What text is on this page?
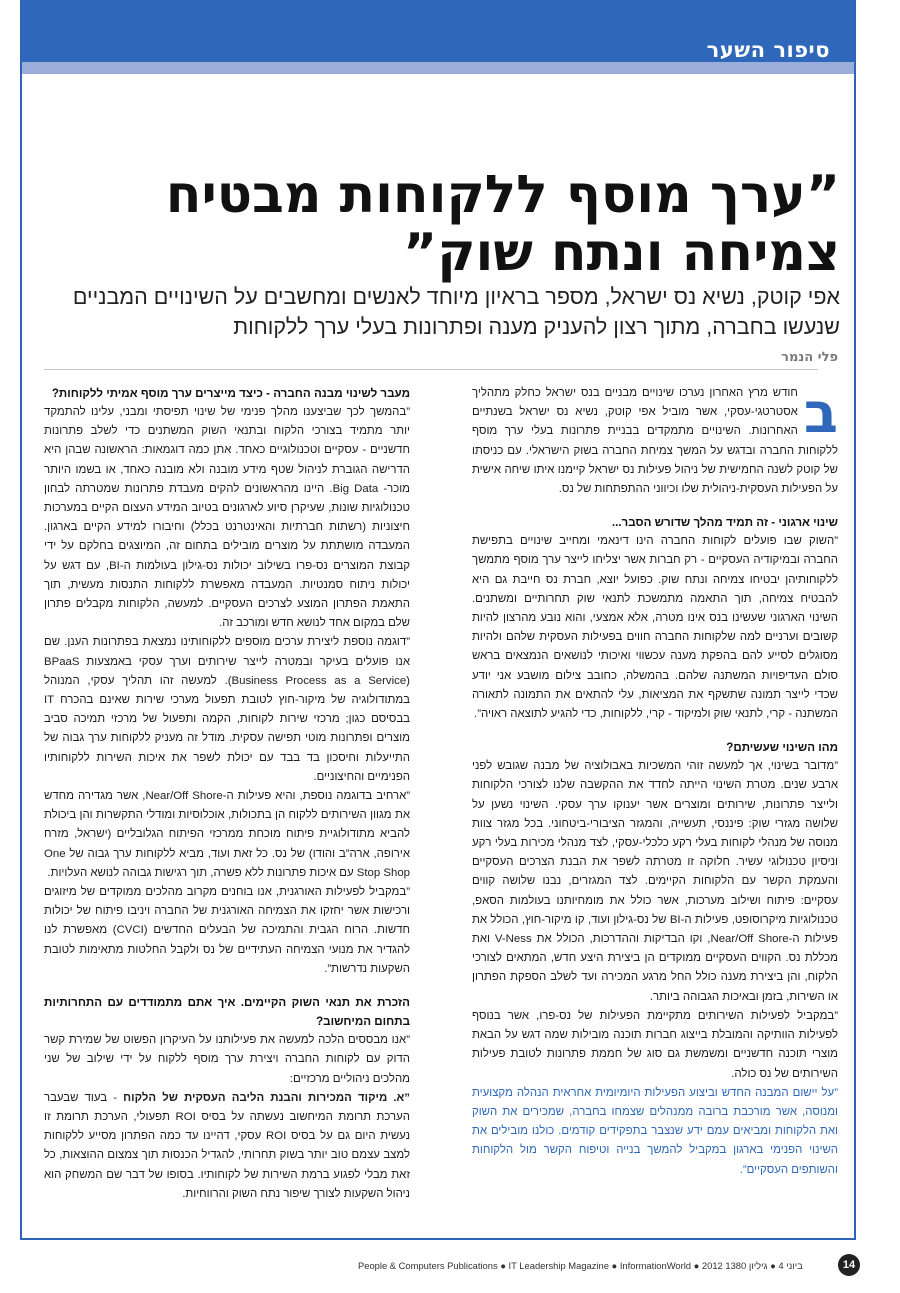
סיפור השער
”ערך מוסף ללקוחות מבטיח צמיחה ונתח שוק”

אפי קוטק, נשיא נס ישראל, מספר בראיון מיוחד לאנשים ומחשבים על השינויים המבניים שנעשו בחברה, מתוך רצון להעניק מענה ופתרונות בעלי ערך ללקוחות

פלי הנמר

ב
חודש מרץ האחרון נערכו שינויים מבניים בנס ישראל כחלק מתהליך אסטרטגי-עסקי, אשר מוביל אפי קוטק, נשיא נס ישראל בשנתיים האחרונות. השינויים מתמקדים בבניית פתרונות בעלי ערך מוסף ללקוחות החברה ובדגש על המשך צמיחת החברה בשוק הישראלי. עם כניסתו של קוטק לשנה החמישית של ניהול פעילות נס ישראל קיימנו איתו שיחה אישית על הפעילות העסקית-ניהולית שלו וכיווני ההתפתחות של נס.

שינוי ארגוני - זה תמיד מהלך שדורש הסבר...

”השוק שבו פועלים לקוחות החברה הינו דינאמי ומחייב שינויים בתפישת החברה ובמיקודיה העסקיים - רק חברות אשר יצליחו לייצר ערך מוסף מתמשך ללקוחותיהן יבטיחו צמיחה ונתח שוק. כפועל יוצא, חברת נס חייבת גם היא להבטיח צמיחה, תוך התאמה מתמשכת לתנאי שוק תחרותיים ומשתנים. השינוי הארגוני שעשינו בנס אינו מטרה, אלא אמצעי, והוא נובע מהרצון להיות קשובים וערניים למה שלקוחות החברה חווים בפעילות העסקית שלהם ולהיות מסוגלים לסייע להם בהפקת מענה עכשווי ואיכותי לנושאים הנמצאים בראש סולם העדיפויות המשתנה שלהם. בהמשלה, כחובב צילום מושבע אני יודע שכדי לייצר תמונה שתשקף את המציאות, עלי להתאים את התמונה לתאורה המשתנה - קרי, לתנאי שוק ולמיקוד - קרי, ללקוחות, כדי להגיע לתוצאה ראויה”.

מהו השינוי שעשיתם?

”מדובר בשינוי, אך למעשה זוהי המשכיות באבולוציה של מבנה שגובש לפני ארבע שנים. מטרת השינוי הייתה לחדד את ההקשבה שלנו לצורכי הלקוחות ולייצר פתרונות, שירותים ומוצרים אשר יענוקו ערך עסקי. השינוי נשען על שלושה מגזרי שוק: פיננסי, תעשייה, והמגזר הציבורי-ביטחוני. בכל מגזר צוות מנוסה של מנהלי לקוחות בעלי רקע כלכלי-עסקי, לצד מנהלי מכירות בעלי רקע וניסיון טכנולוגי עשיר. חלוקה זו מטרתה לשפר את הבנת הצרכים העסקיים והעמקת הקשר עם הלקוחות הקיימים. לצד המגזרים, נבנו שלושה קווים עסקיים: פיתוח ושילוב מערכות, אשר כולל את מומחיותנו בעולמות הסאפ, טכנולוגיות מיקרוסופט, פעילות ה-BI של נס-גילון ועוד, קו מיקור-חוץ, הכולל את פעילות ה-Near/Off Shore, וקו הבדיקות וההדרכות, הכולל את V-Ness ואת מכללת נס. הקווים העסקיים ממוקדים הן ביצירת היצע חדש, המתאים לצורכי הלקוח, והן ביצירת מענה כולל החל מרגע המכירה ועד לשלב הספקת הפתרון או השירות, בזמן ובאיכות הגבוהה ביותר.

”במקביל לפעילות השירותים מתקיימת הפעילות של נס-פרו, אשר בנוסף לפעילות הוותיקה והמובלת בייצוג חברות תוכנה מובילות שמה דגש על הבאת מוצרי תוכנה חדשניים ומשמשת גם סוג של חממת פתרונות לטובת פעילות השירותים של נס כולה.

”על יישום המבנה החדש וביצוע הפעילות היומיומית אחראית הנהלה מקצועית ומנוסה, אשר מורכבת ברובה ממנהלים שצמחו בחברה, שמכירים את השוק ואת הלקוחות ומביאים עמם ידע שנצבר בתפקידים קודמים. כולנו מובילים את השינוי הפנימי בארגון במקביל להמשך בנייה וטיפוח הקשר מול הלקוחות והשותפים העסקיים”.

מעבר לשינוי מבנה החברה - כיצד מייצרים ערך מוסף אמיתי ללקוחות?

”בהמשך לכך שביצענו מהלך פנימי של שינוי תפיסתי ומבני, עלינו להתמקד יותר מתמיד בצורכי הלקוח ובתנאי השוק המשתנים כדי לשלב פתרונות חדשניים - עסקיים וטכנולוגיים כאחד. אתן כמה דוגמאות: הראשונה שבהן היא הדרישה הגוברת לניהול שטף מידע מובנה ולא מובנה כאחד, או בשמו היותר מוכר- Big Data. היינו מהראשונים להקים מעבדת פתרונות שמטרתה לבחון טכנולוגיות שונות, שעיקרן סיוע לארגונים בטיוב המידע העצום הקיים במערכות חיצוניות (רשתות חברתיות והאינטרנט בכלל) וחיבורו למידע הקיים בארגון. המעבדה מושתתת על מוצרים מובילים בתחום זה, המיוצגים בחלקם על ידי קבוצת המוצרים נס-פרו בשילוב יכולות נס-גילון בעולמות ה-BI, עם דגש על יכולות ניתוח סמנטיות. המעבדה מאפשרת ללקוחות התנסות מעשית, תוך התאמת הפתרון המוצע לצרכים העסקיים. למעשה, הלקוחות מקבלים פתרון שלם במקום אחד לנושא חדש ומורכב זה.

”דוגמה נוספת ליצירת ערכים מוספים ללקוחותינו נמצאת בפתרונות הענן. שם אנו פועלים בעיקר ובמטרה לייצר שירותים וערך עסקי באמצעות BPaaS (Business Process as a Service). למעשה זהו תהליך עסקי, המנוהל במתודולוגיה של מיקור-חוץ לטובת תפעול מערכי שירות שאינם בהכרח IT בבסיסם כגון; מרכזי שירות לקוחות, הקמה ותפעול של מרכזי תמיכה סביב מוצרים ופתרונות מוטי תפישה עסקית. מודל זה מעניק ללקוחות ערך גבוה של התייעלות וחיסכון בד בבד עם יכולת לשפר את איכות השירות ללקוחותיו הפנימיים והחיצוניים.

”ארחיב בדוגמה נוספת, והיא פעילות ה-Near/Off Shore, אשר מגדירה מחדש את מגוון השירותים ללקוח הן בתכולות, אוכלוסיות ומודלי התקשרות והן ביכולת להביא מתודולוגיית פיתוח מוכחת ממרכזי הפיתוח הגלובליים (ישראל, מזרח אירופה, ארה”ב והודו) של נס. כל זאת ועוד, מביא ללקוחות ערך גבוה של One Stop Shop עם איכות פתרונות ללא פשרה, תוך רגישות גבוהה לנושא העלויות.

”במקביל לפעילות האורגנית, אנו בוחנים מקרוב מהלכים ממוקדים של מיזוגים ורכישות אשר יחזקו את הצמיחה האורגנית של החברה ויניבו פיתוח של יכולות חדשות. הרוח הגבית והתמיכה של הבעלים החדשים (CVCI) מאפשרת לנו להגדיר את מנועי הצמיחה העתידיים של נס ולקבל החלטות מתאימות לטובת השקעות נדרשות”.

הזכרת את תנאי השוק הקיימים. איך אתם מתמודדים עם התחרותיות בתחום המיחשוב?

”אנו מבססים הלכה למעשה את פעילותנו על העיקרון הפשוט של שמירת קשר הדוק עם לקוחות החברה ויצירת ערך מוסף ללקוח על ידי שילוב של שני מהלכים ניהוליים מרכזיים:

”א. מיקוד המכירות והבנת הליבה העסקית של הלקוח - בעוד שבעבר הערכת תרומת המיחשוב נעשתה על בסיס ROI תפעולי, הערכת תרומת זו נעשית היום גם על בסיס ROI עסקי, דהיינו עד כמה הפתרון מסייע ללקוחות למצב עצמם טוב יותר בשוק תחרותי, להגדיל הכנסות תוך צמצום ההוצאות, כל זאת מבלי לפגוע ברמת השירות של לקוחותיו. בסופו של דבר שם המשחק הוא ניהול השקעות לצורך שיפור נתח השוק והרווחיות.

People & Computers Publications ● IT Leadership Magazine ● InformationWorld ● 2012 ביוני 4 ● גיליון 1380	14
